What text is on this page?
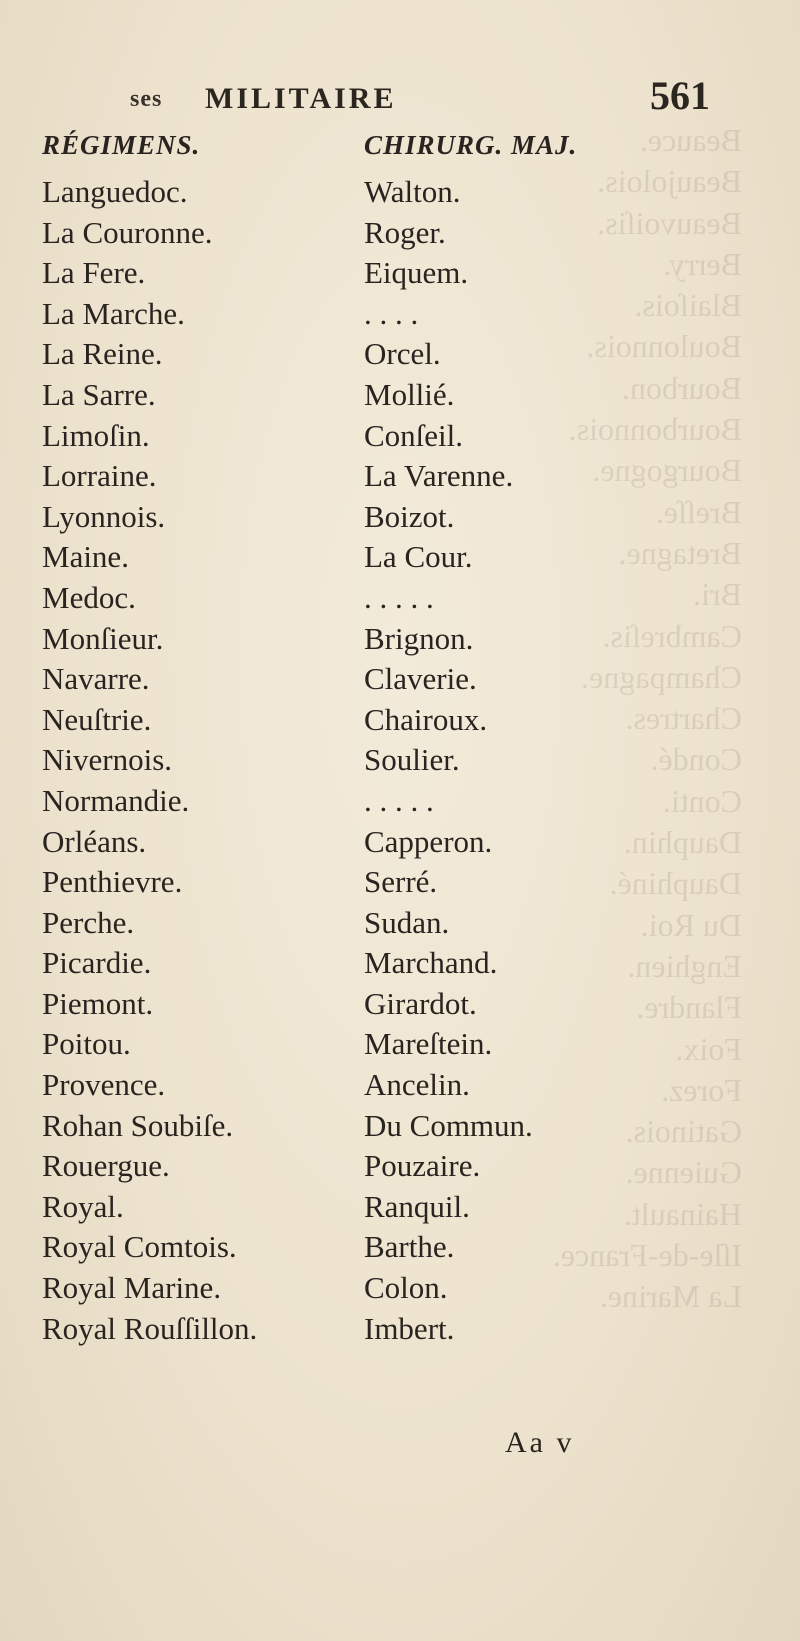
Beauce.
Beaujolois.
Beauvoiſis.
Berry.
Blaiſois.
Boulonnois.
Bourbon.
Bourbonnois.
Bourgogne.
Breſſe.
Bretagne.
Bri.
Cambreſis.
Champagne.
Chartres.
Condé.
Conti.
Dauphin.
Dauphiné.
Du Roi.
Enghien.
Flandre.
Foix.
Forez.
Gatinois.
Guienne.
Hainault.
Iſle-de-France.
La Marine.
ses MILITAIRE	561
RÉGIMENS.	CHIRURG. MAJ.
Languedoc.	Walton.
La Couronne.	Roger.
La Fere.	Eiquem.
La Marche.	. . . .
La Reine.	Orcel.
La Sarre.	Mollié.
Limoſin.	Conſeil.
Lorraine.	La Varenne.
Lyonnois.	Boizot.
Maine.	La Cour.
Medoc.	. . . . .
Monſieur.	Brignon.
Navarre.	Claverie.
Neuſtrie.	Chairoux.
Nivernois.	Soulier.
Normandie.	. . . . .
Orléans.	Capperon.
Penthievre.	Serré.
Perche.	Sudan.
Picardie.	Marchand.
Piemont.	Girardot.
Poitou.	Mareſtein.
Provence.	Ancelin.
Rohan Soubiſe.	Du Commun.
Rouergue.	Pouzaire.
Royal.	Ranquil.
Royal Comtois.	Barthe.
Royal Marine.	Colon.
Royal Rouſſillon.	Imbert.
Aa v
